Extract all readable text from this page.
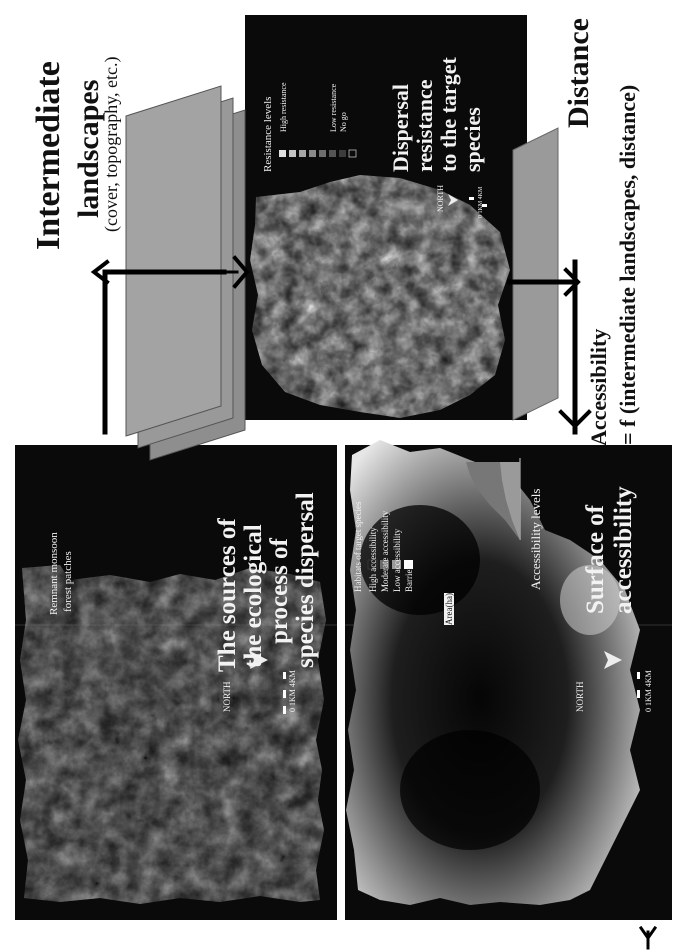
Intermediate landscapes
(cover, topography, etc.)	Distance
Accessibility = f (intermediate landscapes, distance)
Remnant monsoon forest patches
NORTH	0 1KM 4KM
The sources of the ecological process of species dispersal
Resistance levels High resistance	Low resistance No go
NORTH	0 1KM 4KM
Dispersal resistance to the target species
Habitats of target species High accessibility Moderate accessibility Low accessibility Barriers
Area(ha)
Accessibility levels
NORTH	0 1KM 4KM
Surface of accessibility
